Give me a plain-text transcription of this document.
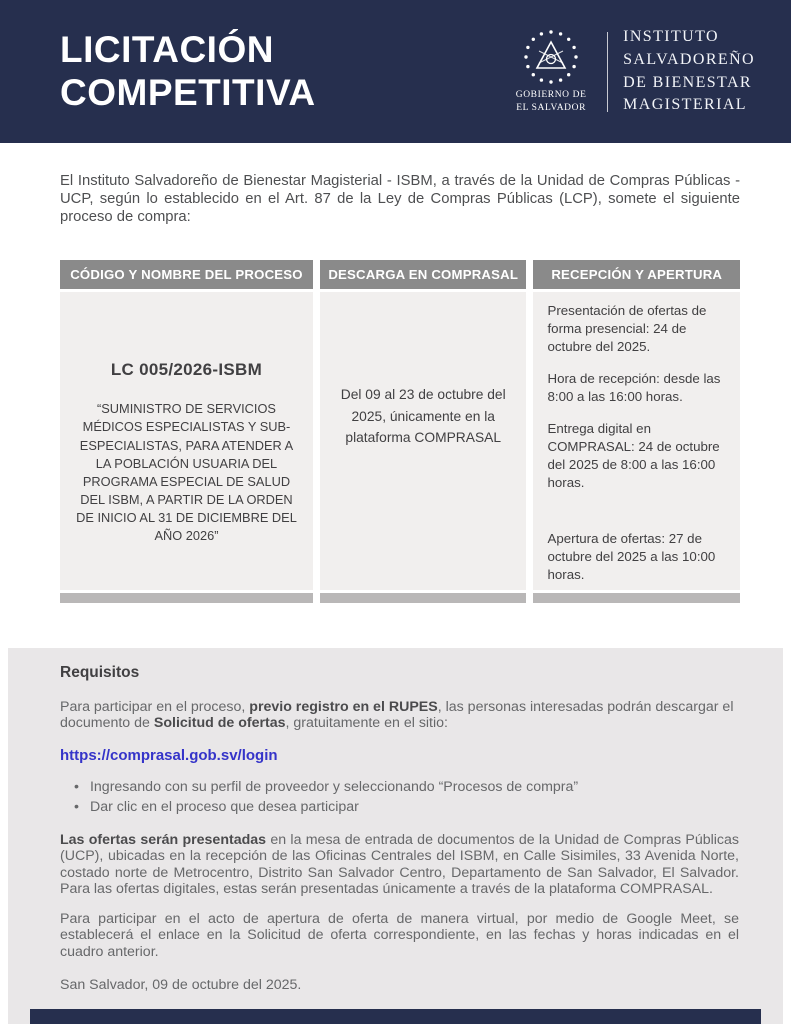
LICITACIÓN
COMPETITIVA	GOBIERNO DE
EL SALVADOR
INSTITUTO
SALVADOREÑO
DE BIENESTAR
MAGISTERIAL

El Instituto Salvadoreño de Bienestar Magisterial - ISBM, a través de la Unidad de Compras Públicas - UCP, según lo establecido en el Art. 87 de la Ley de Compras Públicas (LCP), somete el siguiente proceso de compra:

CÓDIGO Y NOMBRE DEL PROCESO

LC 005/2026-ISBM

“SUMINISTRO DE SERVICIOS MÉDICOS ESPECIALISTAS Y SUB-ESPECIALISTAS, PARA ATENDER A LA POBLACIÓN USUARIA DEL PROGRAMA ESPECIAL DE SALUD DEL ISBM, A PARTIR DE LA ORDEN DE INICIO AL 31 DE DICIEMBRE DEL AÑO 2026”

DESCARGA EN COMPRASAL
Del 09 al 23 de octubre del 2025, únicamente en la plataforma COMPRASAL
RECEPCIÓN Y APERTURA

Presentación de ofertas de forma presencial: 24 de octubre del 2025.

Hora de recepción: desde las 8:00 a las 16:00 horas.

Entrega digital en COMPRASAL: 24 de octubre del 2025 de 8:00 a las 16:00 horas.

Apertura de ofertas: 27 de octubre del 2025 a las 10:00 horas.

Requisitos

Para participar en el proceso, previo registro en el RUPES, las personas interesadas podrán descargar el documento de Solicitud de ofertas, gratuitamente en el sitio:

https://comprasal.gob.sv/login
• Ingresando con su perfil de proveedor y seleccionando “Procesos de compra”
• Dar clic en el proceso que desea participar

Las ofertas serán presentadas en la mesa de entrada de documentos de la Unidad de Compras Públicas (UCP), ubicadas en la recepción de las Oficinas Centrales del ISBM, en Calle Sisimiles, 33 Avenida Norte, costado norte de Metrocentro, Distrito San Salvador Centro, Departamento de San Salvador, El Salvador. Para las ofertas digitales, estas serán presentadas únicamente a través de la plataforma COMPRASAL.

Para participar en el acto de apertura de oferta de manera virtual, por medio de Google Meet, se establecerá el enlace en la Solicitud de oferta correspondiente, en las fechas y horas indicadas en el cuadro anterior.

San Salvador, 09 de octubre del 2025.
